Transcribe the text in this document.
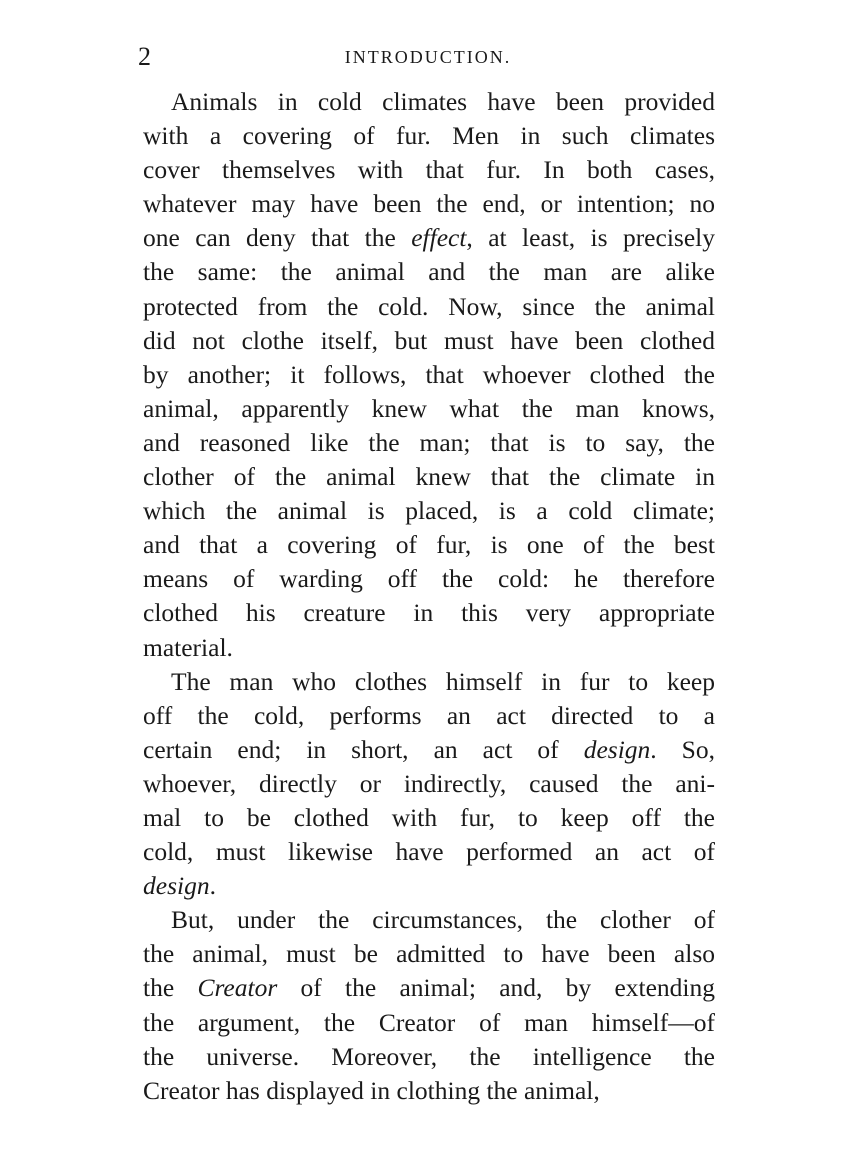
2	INTRODUCTION.
Animals in cold climates have been provided
with a covering of fur. Men in such climates
cover themselves with that fur. In both cases,
whatever may have been the end, or intention; no
one can deny that the effect, at least, is precisely
the same: the animal and the man are alike
protected from the cold. Now, since the animal
did not clothe itself, but must have been clothed
by another; it follows, that whoever clothed the
animal, apparently knew what the man knows,
and reasoned like the man; that is to say, the
clother of the animal knew that the climate in
which the animal is placed, is a cold climate;
and that a covering of fur, is one of the best
means of warding off the cold: he therefore
clothed his creature in this very appropriate
material.
The man who clothes himself in fur to keep
off the cold, performs an act directed to a
certain end; in short, an act of design. So,
whoever, directly or indirectly, caused the ani-
mal to be clothed with fur, to keep off the
cold, must likewise have performed an act of
design.
But, under the circumstances, the clother of
the animal, must be admitted to have been also
the Creator of the animal; and, by extending
the argument, the Creator of man himself—of
the universe. Moreover, the intelligence the
Creator has displayed in clothing the animal,
